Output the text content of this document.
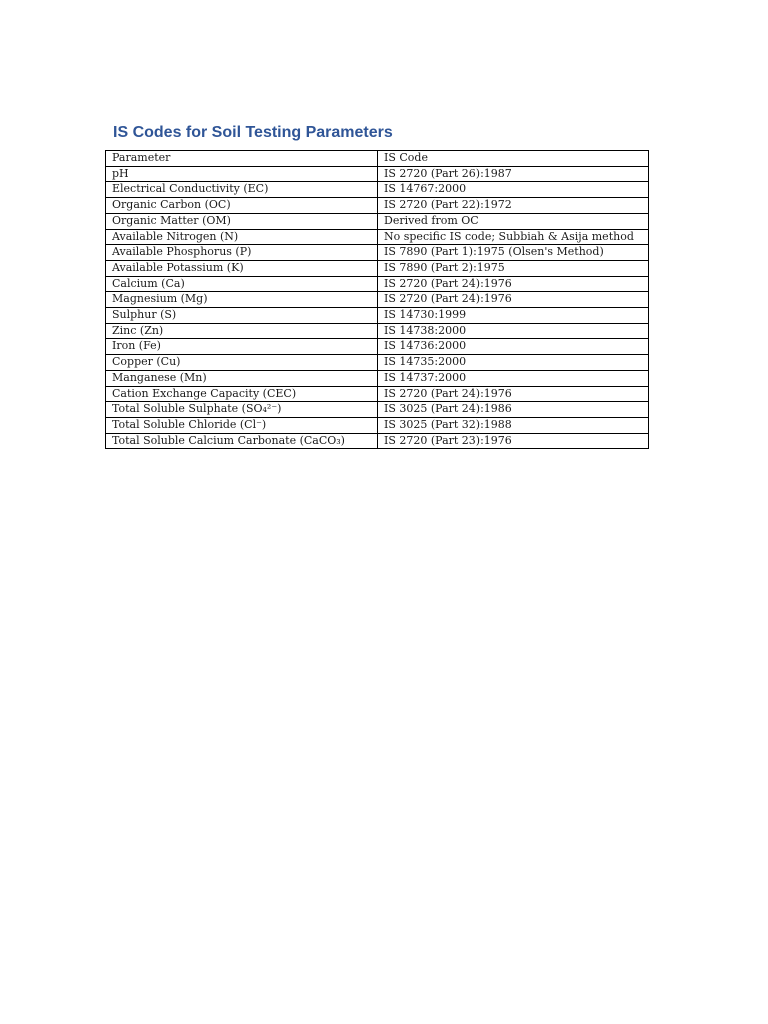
IS Codes for Soil Testing Parameters
Parameter	IS Code
pH	IS 2720 (Part 26):1987
Electrical Conductivity (EC)	IS 14767:2000
Organic Carbon (OC)	IS 2720 (Part 22):1972
Organic Matter (OM)	Derived from OC
Available Nitrogen (N)	No specific IS code; Subbiah & Asija method
Available Phosphorus (P)	IS 7890 (Part 1):1975 (Olsen's Method)
Available Potassium (K)	IS 7890 (Part 2):1975
Calcium (Ca)	IS 2720 (Part 24):1976
Magnesium (Mg)	IS 2720 (Part 24):1976
Sulphur (S)	IS 14730:1999
Zinc (Zn)	IS 14738:2000
Iron (Fe)	IS 14736:2000
Copper (Cu)	IS 14735:2000
Manganese (Mn)	IS 14737:2000
Cation Exchange Capacity (CEC)	IS 2720 (Part 24):1976
Total Soluble Sulphate (SO₄²⁻)	IS 3025 (Part 24):1986
Total Soluble Chloride (Cl⁻)	IS 3025 (Part 32):1988
Total Soluble Calcium Carbonate (CaCO₃)	IS 2720 (Part 23):1976
